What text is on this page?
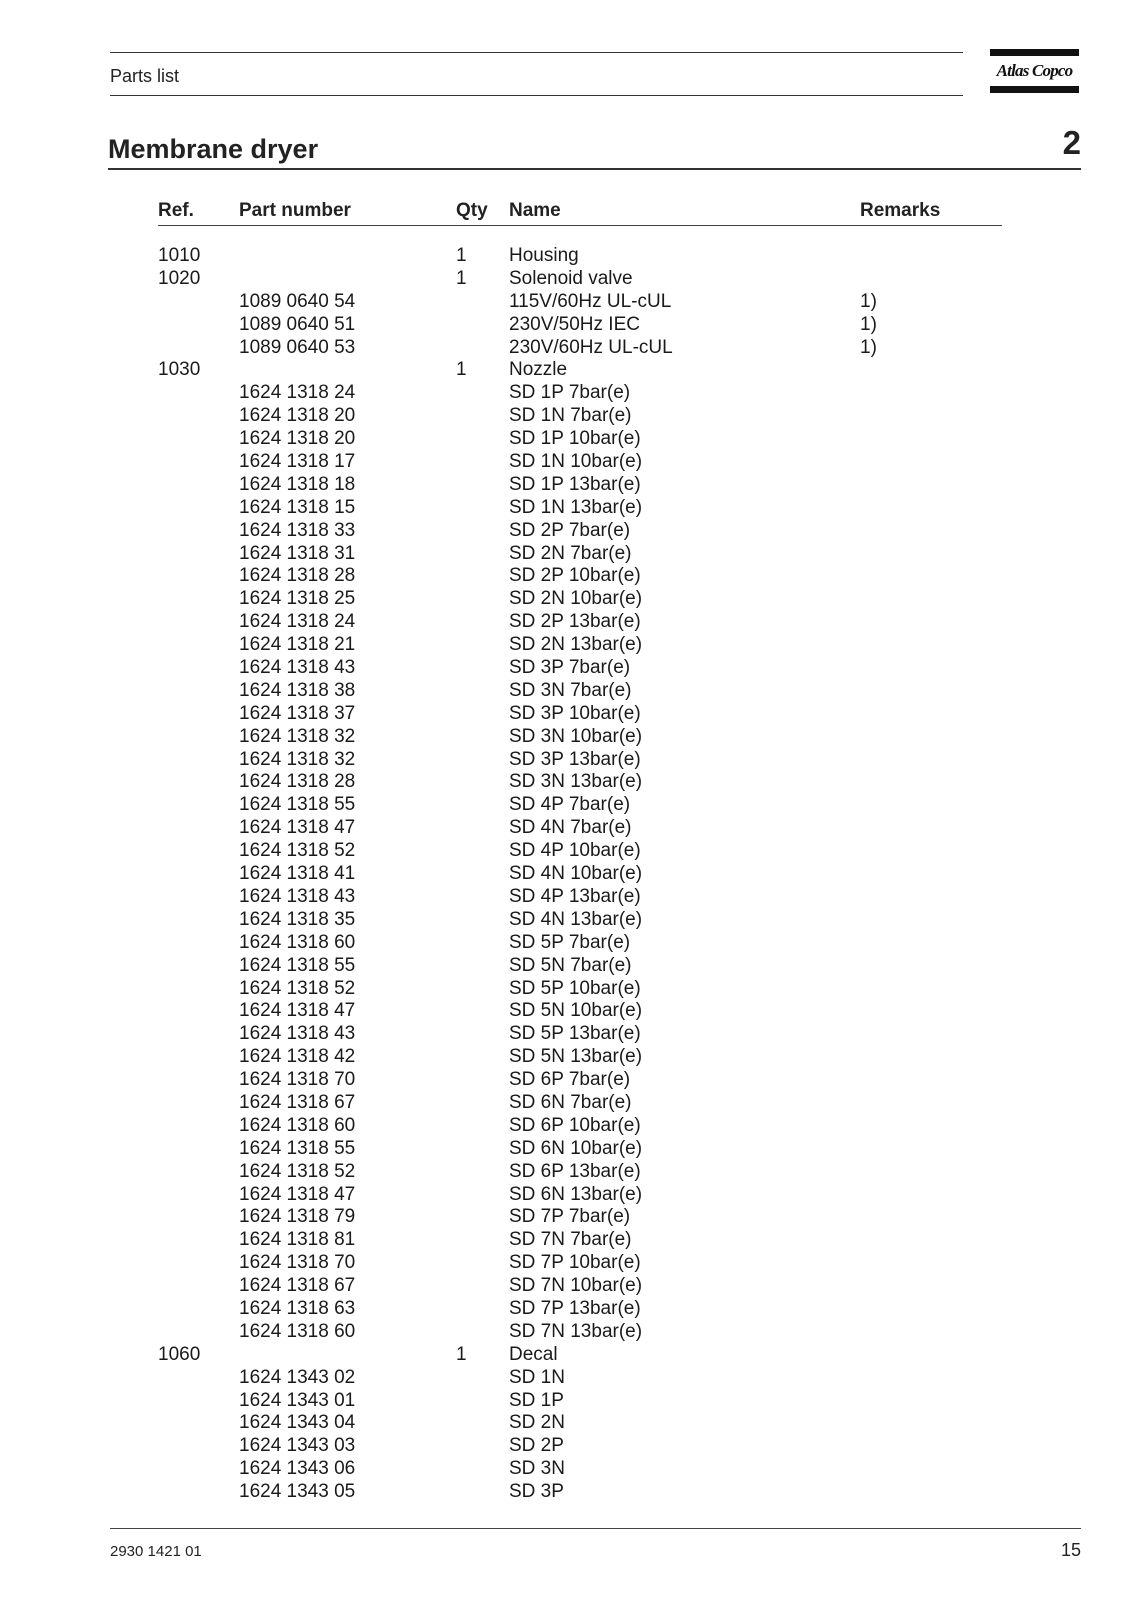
Parts list	Atlas Copco
Membrane dryer	2
Ref. Part number	Qty Name	Remarks
1010	1 Housing
1020	1 Solenoid valve
1089 0640 54	115V/60Hz UL-cUL	1)
1089 0640 51	230V/50Hz IEC	1)
1089 0640 53	230V/60Hz UL-cUL	1)
1030	1 Nozzle
1624 1318 24	SD 1P 7bar(e)
1624 1318 20	SD 1N 7bar(e)
1624 1318 20	SD 1P 10bar(e)
1624 1318 17	SD 1N 10bar(e)
1624 1318 18	SD 1P 13bar(e)
1624 1318 15	SD 1N 13bar(e)
1624 1318 33	SD 2P 7bar(e)
1624 1318 31	SD 2N 7bar(e)
1624 1318 28	SD 2P 10bar(e)
1624 1318 25	SD 2N 10bar(e)
1624 1318 24	SD 2P 13bar(e)
1624 1318 21	SD 2N 13bar(e)
1624 1318 43	SD 3P 7bar(e)
1624 1318 38	SD 3N 7bar(e)
1624 1318 37	SD 3P 10bar(e)
1624 1318 32	SD 3N 10bar(e)
1624 1318 32	SD 3P 13bar(e)
1624 1318 28	SD 3N 13bar(e)
1624 1318 55	SD 4P 7bar(e)
1624 1318 47	SD 4N 7bar(e)
1624 1318 52	SD 4P 10bar(e)
1624 1318 41	SD 4N 10bar(e)
1624 1318 43	SD 4P 13bar(e)
1624 1318 35	SD 4N 13bar(e)
1624 1318 60	SD 5P 7bar(e)
1624 1318 55	SD 5N 7bar(e)
1624 1318 52	SD 5P 10bar(e)
1624 1318 47	SD 5N 10bar(e)
1624 1318 43	SD 5P 13bar(e)
1624 1318 42	SD 5N 13bar(e)
1624 1318 70	SD 6P 7bar(e)
1624 1318 67	SD 6N 7bar(e)
1624 1318 60	SD 6P 10bar(e)
1624 1318 55	SD 6N 10bar(e)
1624 1318 52	SD 6P 13bar(e)
1624 1318 47	SD 6N 13bar(e)
1624 1318 79	SD 7P 7bar(e)
1624 1318 81	SD 7N 7bar(e)
1624 1318 70	SD 7P 10bar(e)
1624 1318 67	SD 7N 10bar(e)
1624 1318 63	SD 7P 13bar(e)
1624 1318 60	SD 7N 13bar(e)
1060	1 Decal
1624 1343 02	SD 1N
1624 1343 01	SD 1P
1624 1343 04	SD 2N
1624 1343 03	SD 2P
1624 1343 06	SD 3N
1624 1343 05	SD 3P
2930 1421 01	15
